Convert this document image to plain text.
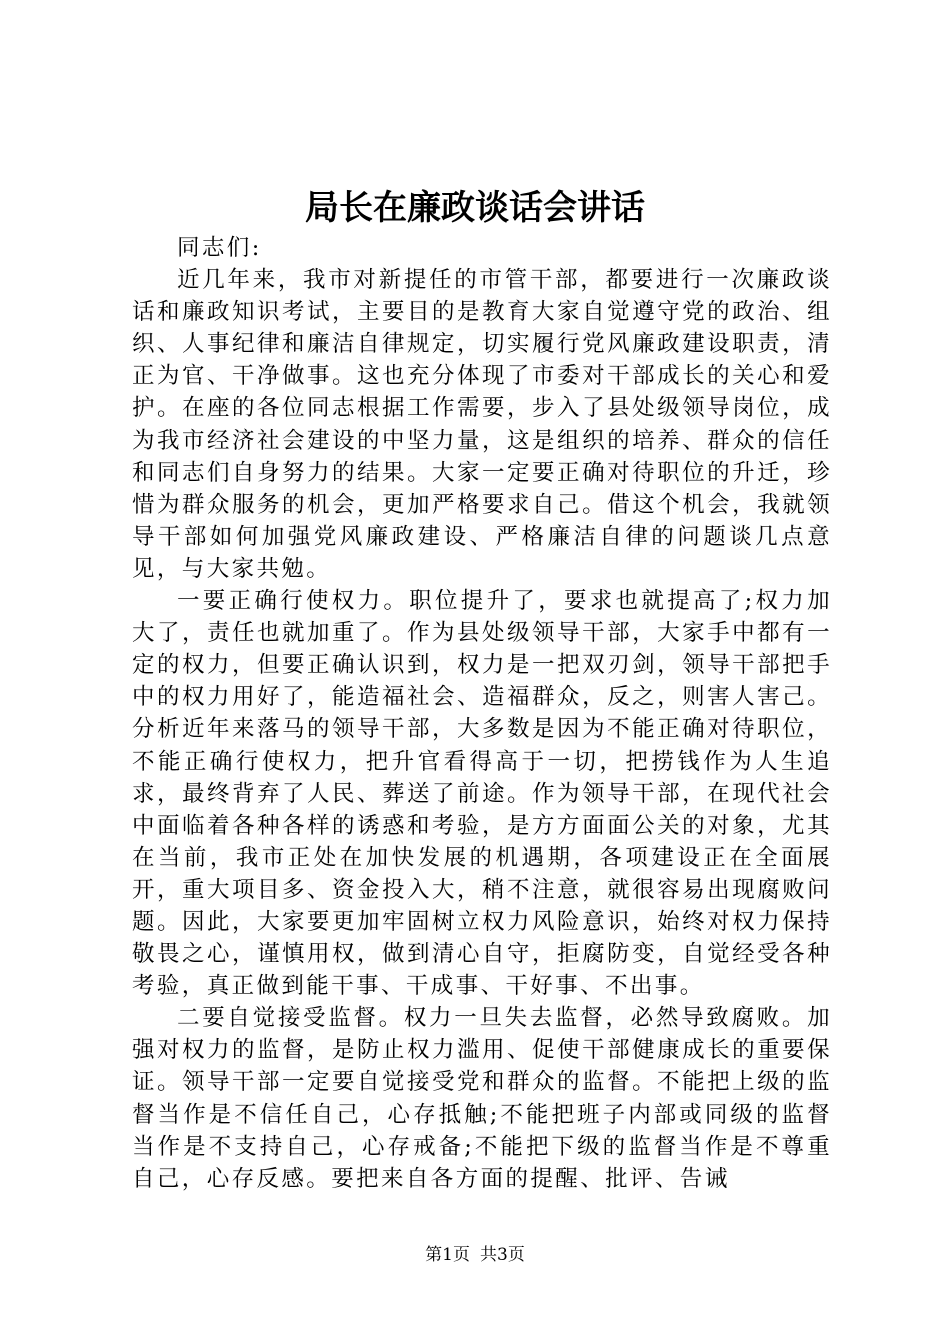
局长在廉政谈话会讲话

同志们:

近几年来，我市对新提任的市管干部，都要进行一次廉政谈话和廉政知识考试，主要目的是教育大家自觉遵守党的政治、组织、人事纪律和廉洁自律规定，切实履行党风廉政建设职责，清正为官、干净做事。这也充分体现了市委对干部成长的关心和爱护。在座的各位同志根据工作需要，步入了县处级领导岗位，成为我市经济社会建设的中坚力量，这是组织的培养、群众的信任和同志们自身努力的结果。大家一定要正确对待职位的升迁，珍惜为群众服务的机会，更加严格要求自己。借这个机会，我就领导干部如何加强党风廉政建设、严格廉洁自律的问题谈几点意见，与大家共勉。

一要正确行使权力。职位提升了，要求也就提高了;权力加大了，责任也就加重了。作为县处级领导干部，大家手中都有一定的权力，但要正确认识到，权力是一把双刃剑，领导干部把手中的权力用好了，能造福社会、造福群众，反之，则害人害己。分析近年来落马的领导干部，大多数是因为不能正确对待职位，不能正确行使权力，把升官看得高于一切，把捞钱作为人生追求，最终背弃了人民、葬送了前途。作为领导干部，在现代社会中面临着各种各样的诱惑和考验，是方方面面公关的对象，尤其在当前，我市正处在加快发展的机遇期，各项建设正在全面展开，重大项目多、资金投入大，稍不注意，就很容易出现腐败问题。因此，大家要更加牢固树立权力风险意识，始终对权力保持敬畏之心，谨慎用权，做到清心自守，拒腐防变，自觉经受各种考验，真正做到能干事、干成事、干好事、不出事。

二要自觉接受监督。权力一旦失去监督，必然导致腐败。加强对权力的监督，是防止权力滥用、促使干部健康成长的重要保证。领导干部一定要自觉接受党和群众的监督。不能把上级的监督当作是不信任自己，心存抵触;不能把班子内部或同级的监督当作是不支持自己，心存戒备;不能把下级的监督当作是不尊重自己，心存反感。要把来自各方面的提醒、批评、告诫

第1页 共3页
